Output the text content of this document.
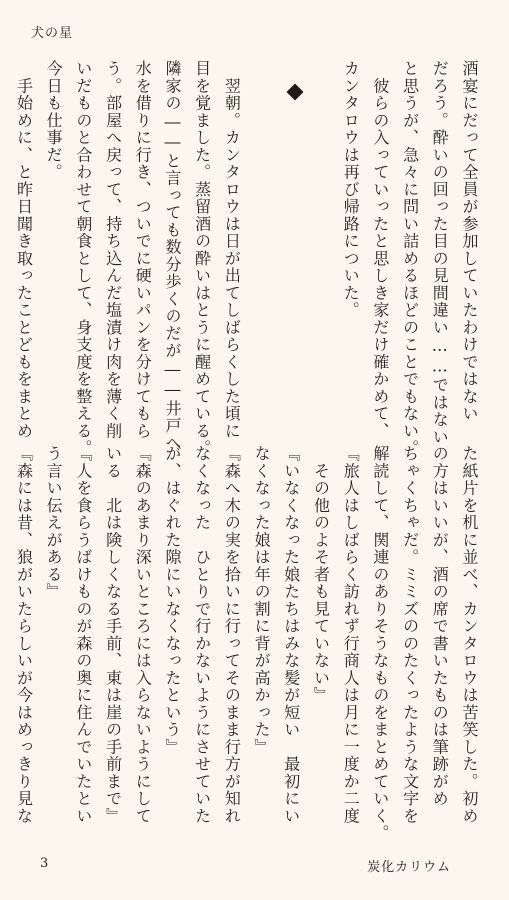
犬の星
酒宴にだって全員が参加していたわけではない
だろう。酔いの回った目の見間違い……ではない
と思うが、急々に問い詰めるほどのことでもない。
　彼らの入っていったと思しき家だけ確かめて、
カンタロウは再び帰路についた。

　翌朝。カンタロウは日が出てしばらくした頃に
目を覚ました。蒸留酒の酔いはとうに醒めている。
隣家の――と言っても数分歩くのだが――井戸へ
水を借りに行き、ついでに硬いパンを分けてもら
う。部屋へ戻って、持ち込んだ塩漬け肉を薄く削
いだものと合わせて朝食として、身支度を整える。
今日も仕事だ。
　手始めに、と昨日聞き取ったことどもをまとめ
た紙片を机に並べ、カンタロウは苦笑した。初め
の方はいいが、酒の席で書いたものは筆跡がめ
ちゃくちゃだ。ミミズののたくったような文字を
解読して、関連のありそうなものをまとめていく。
『旅人はしばらく訪れず行商人は月に一度か二度
　その他のよそ者も見ていない』
『いなくなった娘たちはみな髪が短い　最初にい
なくなった娘は年の割に背が高かった』
『森へ木の実を拾いに行ってそのまま行方が知れ
なくなった　ひとりで行かないようにさせていた
が、はぐれた隙にいなくなったという』
『森のあまり深いところには入らないようにして
いる　北は険しくなる手前、東は崖の手前まで』
『人を食らうばけものが森の奥に住んでいたとい
う言い伝えがある』
『森には昔、狼がいたらしいが今はめっきり見な
3	炭化カリウム
